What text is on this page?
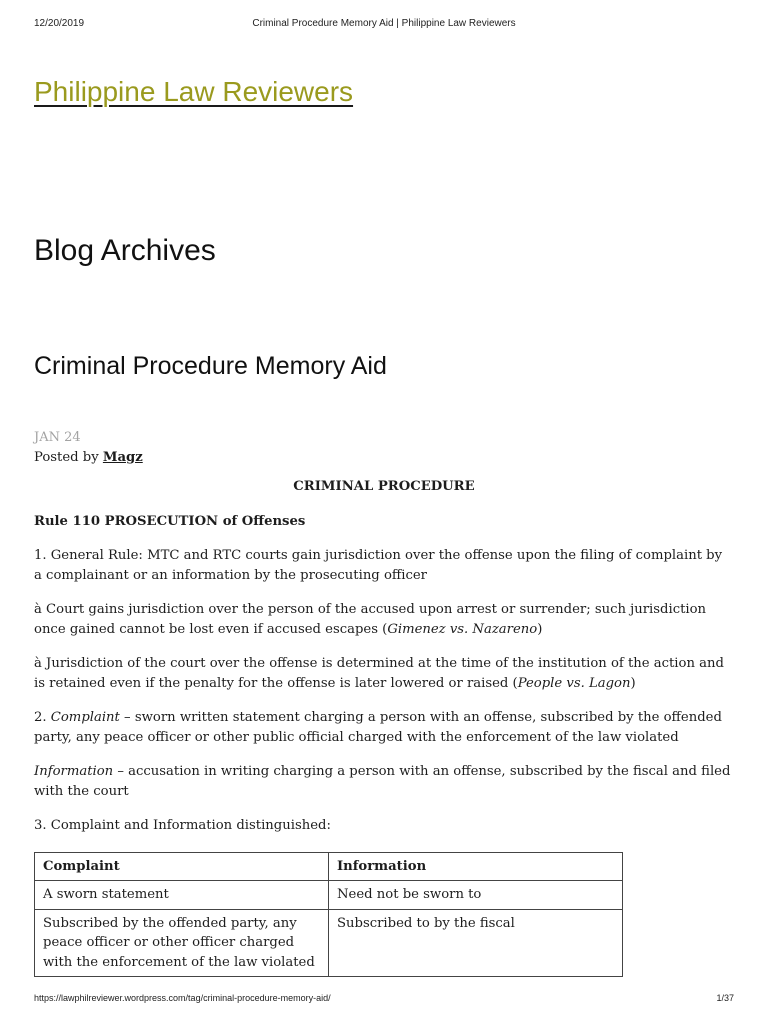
12/20/2019	Criminal Procedure Memory Aid | Philippine Law Reviewers
Philippine Law Reviewers
Blog Archives
Criminal Procedure Memory Aid
JAN 24
Posted by Magz
CRIMINAL PROCEDURE
Rule 110 PROSECUTION of Offenses
1. General Rule: MTC and RTC courts gain jurisdiction over the offense upon the filing of complaint by a complainant or an information by the prosecuting officer
à Court gains jurisdiction over the person of the accused upon arrest or surrender; such jurisdiction once gained cannot be lost even if accused escapes (Gimenez vs. Nazareno)
à Jurisdiction of the court over the offense is determined at the time of the institution of the action and is retained even if the penalty for the offense is later lowered or raised (People vs. Lagon)
2. Complaint – sworn written statement charging a person with an offense, subscribed by the offended party, any peace officer or other public official charged with the enforcement of the law violated
Information – accusation in writing charging a person with an offense, subscribed by the fiscal and filed with the court
3. Complaint and Information distinguished:
Complaint	Information
A sworn statement	Need not be sworn to
Subscribed by the offended party, any peace officer or other officer charged with the enforcement of the law violated	Subscribed to by the fiscal
https://lawphilreviewer.wordpress.com/tag/criminal-procedure-memory-aid/	1/37
